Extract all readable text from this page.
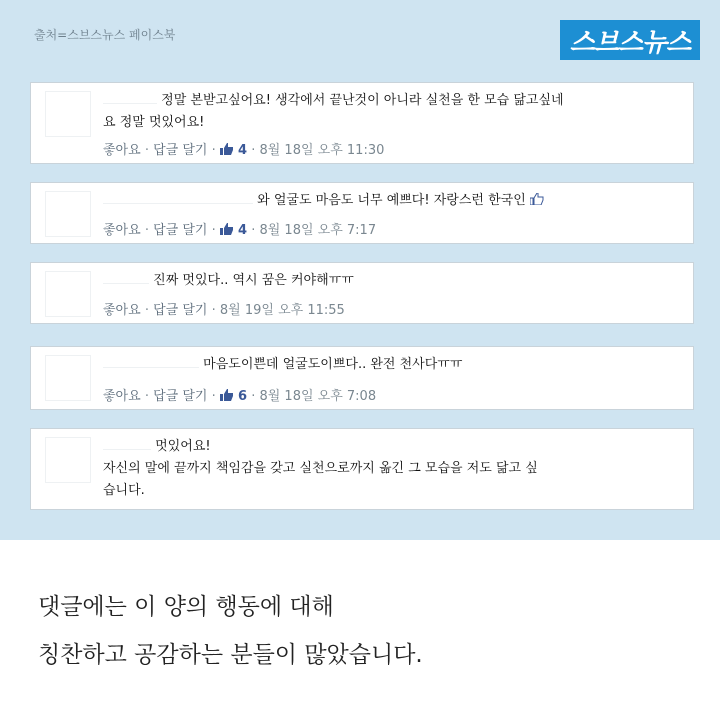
출처=스브스뉴스 페이스북	스브스뉴스
정말 본받고싶어요! 생각에서 끝난것이 아니라 실천을 한 모습 닮고싶네
요 정말 멋있어요!
좋아요 · 답글 달기 ·  4 · 8월 18일 오후 11:30
와 얼굴도 마음도 너무 예쁘다! 자랑스런 한국인
좋아요 · 답글 달기 ·  4 · 8월 18일 오후 7:17
진짜 멋있다.. 역시 꿈은 커야해ㅠㅠ
좋아요 · 답글 달기 · 8월 19일 오후 11:55
마음도이쁜데 얼굴도이쁘다.. 완전 천사다ㅠㅠ
좋아요 · 답글 달기 ·  6 · 8월 18일 오후 7:08
멋있어요!
자신의 말에 끝까지 책임감을 갖고 실천으로까지 옮긴 그 모습을 저도 닮고 싶
습니다.
댓글에는 이 양의 행동에 대해
칭찬하고 공감하는 분들이 많았습니다.
